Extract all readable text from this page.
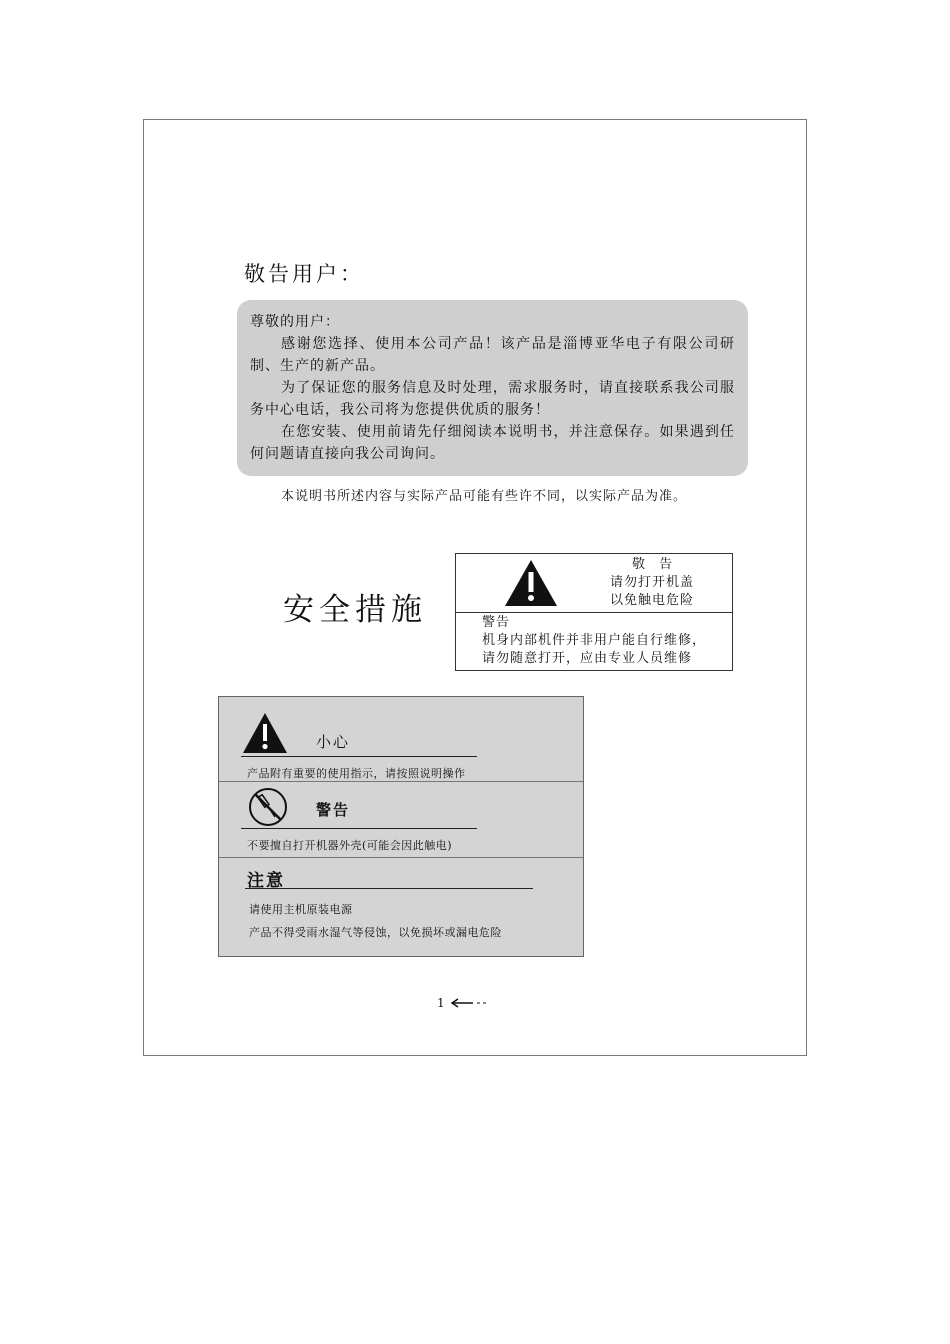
敬告用户：

尊敬的用户：

感谢您选择、使用本公司产品！该产品是淄博亚华电子有限公司研制、生产的新产品。

为了保证您的服务信息及时处理，需求服务时，请直接联系我公司服务中心电话，我公司将为您提供优质的服务！

在您安装、使用前请先仔细阅读本说明书，并注意保存。如果遇到任何问题请直接向我公司询问。

本说明书所述内容与实际产品可能有些许不同，以实际产品为准。
安全措施
敬 告
请勿打开机盖
以免触电危险
警告
机身内部机件并非用户能自行维修，
请勿随意打开，应由专业人员维修
小心
产品附有重要的使用指示，请按照说明操作
警告
不要擅自打开机器外壳(可能会因此触电)
注意
请使用主机原装电源
产品不得受雨水湿气等侵蚀，以免损坏或漏电危险
1
